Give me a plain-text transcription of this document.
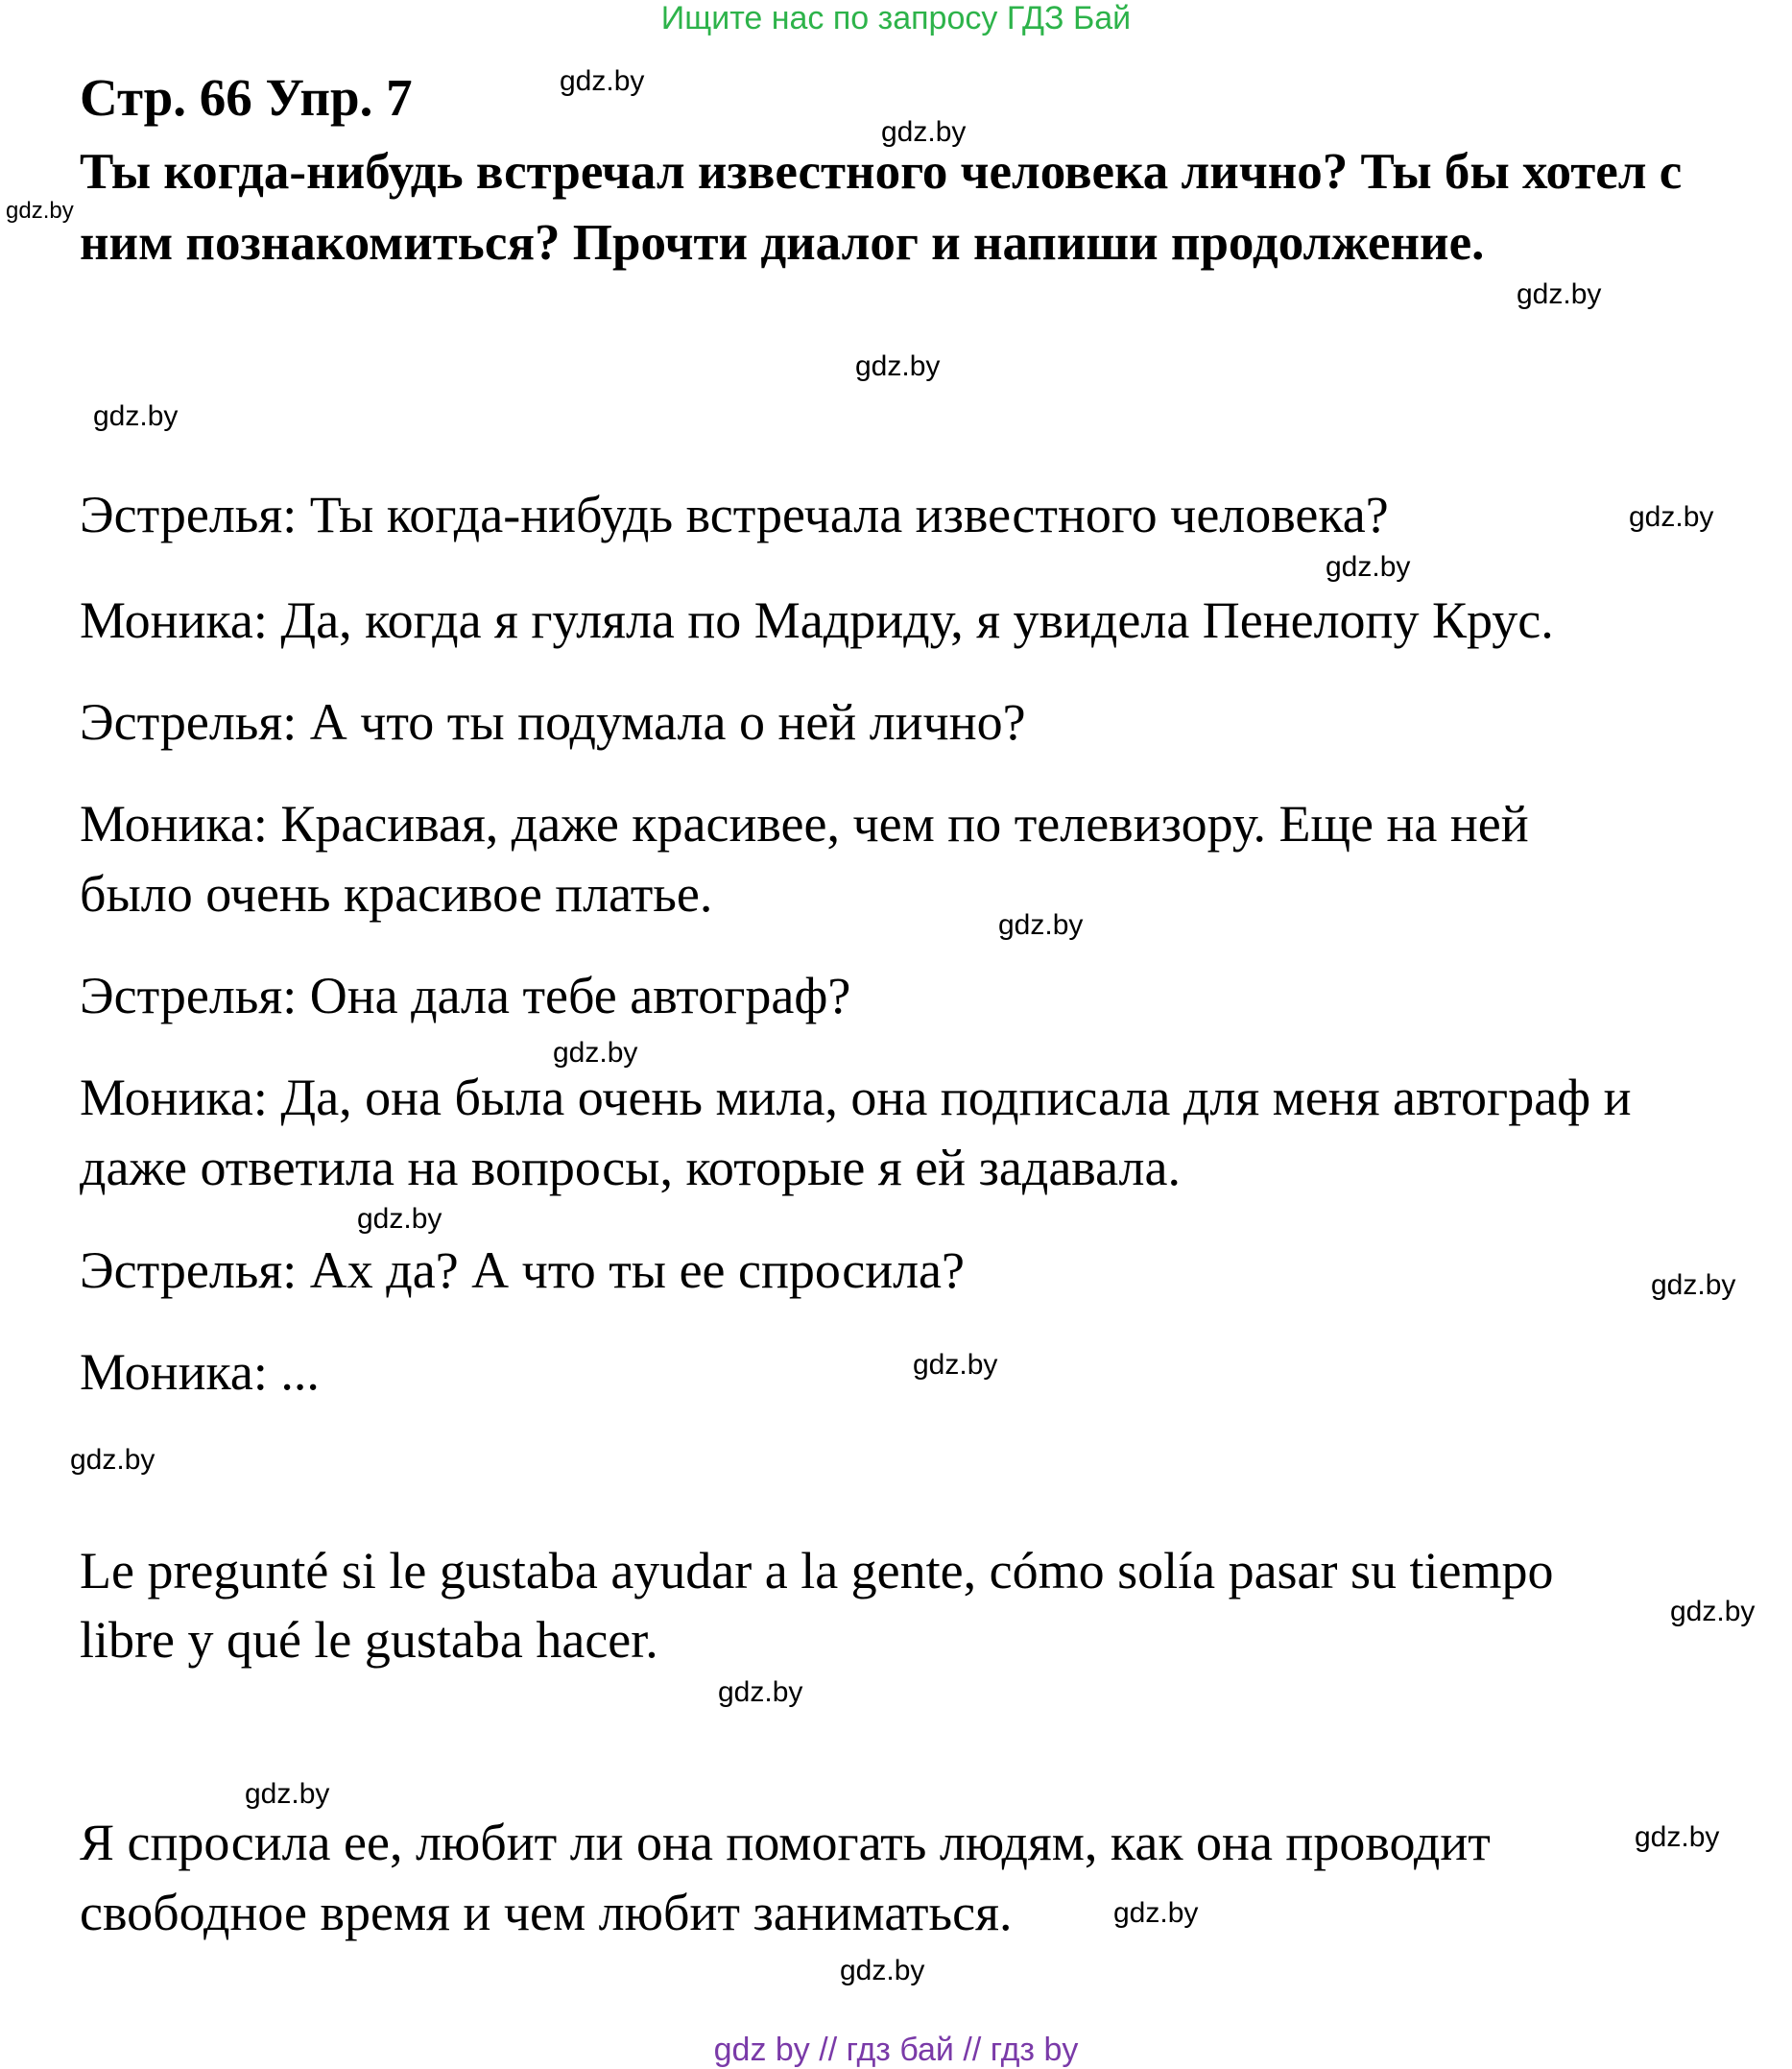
Ищите нас по запросу ГДЗ Бай
Стр. 66 Упр. 7

Ты когда-нибудь встречал известного человека лично? Ты бы хотел с ним познакомиться? Прочти диалог и напиши продолжение.

Эстрелья: Ты когда-нибудь встречала известного человека?

Моника: Да, когда я гуляла по Мадриду, я увидела Пенелопу Крус.

Эстрелья: А что ты подумала о ней лично?

Моника: Красивая, даже красивее, чем по телевизору. Еще на ней

было очень красивое платье.

Эстрелья: Она дала тебе автограф?

Моника: Да, она была очень мила, она подписала для меня автограф и

даже ответила на вопросы, которые я ей задавала.

Эстрелья: Ах да? А что ты ее спросила?

Моника: ...

Le pregunté si le gustaba ayudar a la gente, cómo solía pasar su tiempo

libre y qué le gustaba hacer.

Я спросила ее, любит ли она помогать людям, как она проводит

свободное время и чем любит заниматься.

gdz.by
gdz.by
gdz.by
gdz.by
gdz.by
gdz.by
gdz.by
gdz.by
gdz.by
gdz.by
gdz.by
gdz.by
gdz.by
gdz.by
gdz.by
gdz.by
gdz.by
gdz.by
gdz.by
gdz.by
gdz by // гдз бай // гдз by
